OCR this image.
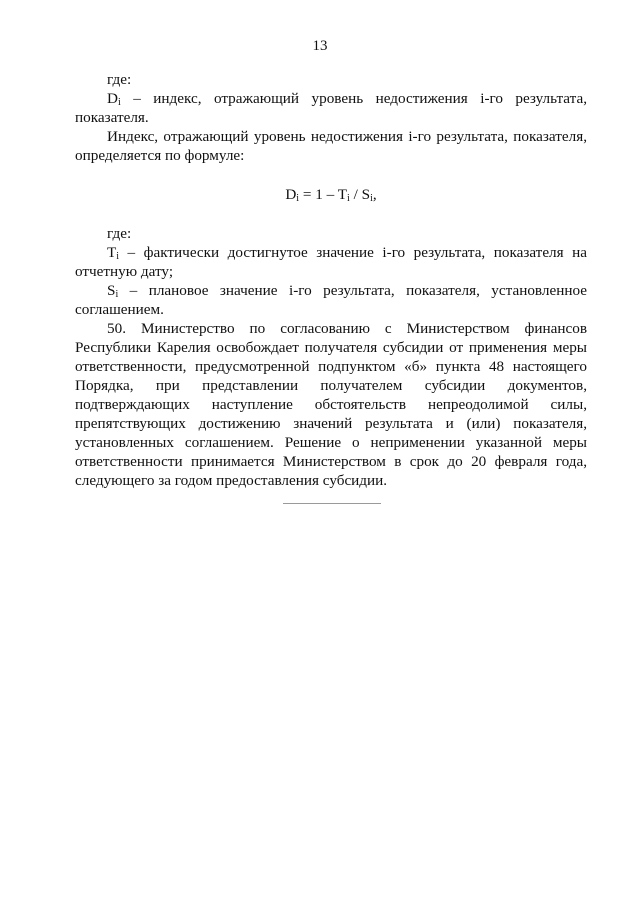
13
где:
$D_i$ – индекс, отражающий уровень недостижения i-го результата,
показателя.
Индекс, отражающий уровень недостижения i-го результата, показателя,
определяется по формуле:
$D_i = 1 - T_i / S_i$,
где:
$T_i$ – фактически достигнутое значение i-го результата, показателя на
отчетную дату;
$S_i$ – плановое значение i-го результата, показателя, установленное
соглашением.
50. Министерство по согласованию с Министерством финансов
Республики Карелия освобождает получателя субсидии от применения меры
ответственности, предусмотренной подпунктом «б» пункта 48 настоящего
Порядка, при представлении получателем субсидии документов,
подтверждающих наступление обстоятельств непреодолимой силы,
препятствующих достижению значений результата и (или) показателя,
установленных соглашением. Решение о неприменении указанной меры
ответственности принимается Министерством в срок до 20 февраля года,
следующего за годом предоставления субсидии.
